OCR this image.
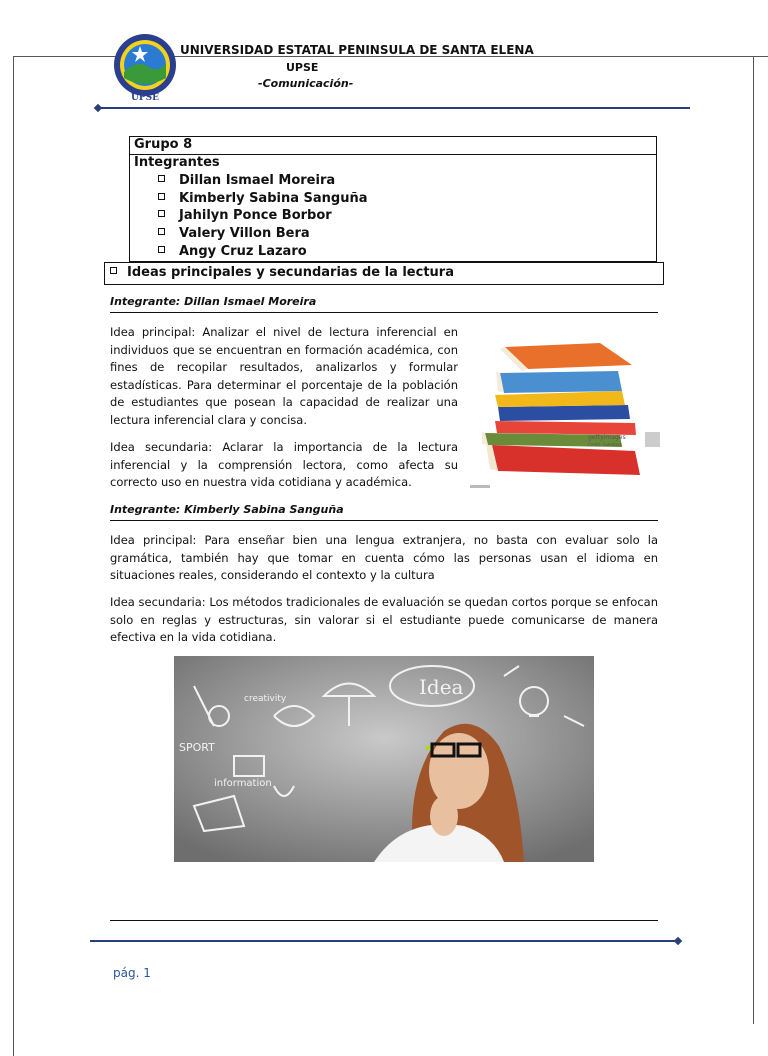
UPSE
UNIVERSIDAD ESTATAL PENINSULA DE SANTA ELENA
UPSE
-Comunicación-
Grupo 8
Integrantes
Dillan Ismael Moreira
Kimberly Sabina Sanguña
Jahilyn Ponce Borbor
Valery Villon Bera
Angy Cruz Lazaro
Ideas principales y secundarias de la lectura
Integrante: Dillan Ismael Moreira
Idea principal: Analizar el nivel de lectura inferencial en individuos que se encuentran en formación académica, con fines de recopilar resultados, analizarlos y formular estadísticas. Para determinar el porcentaje de la población de estudiantes que posean la capacidad de realizar una lectura inferencial clara y concisa.
Idea secundaria: Aclarar la importancia de la lectura inferencial y la comprensión lectora, como afecta su correcto uso en nuestra vida cotidiana y académica.
gettyimages
Credit: Comstock
Integrante: Kimberly Sabina Sanguña
Idea principal: Para enseñar bien una lengua extranjera, no basta con evaluar solo la gramática, también hay que tomar en cuenta cómo las personas usan el idioma en situaciones reales, considerando el contexto y la cultura
Idea secundaria: Los métodos tradicionales de evaluación se quedan cortos porque se enfocan solo en reglas y estructuras, sin valorar si el estudiante puede comunicarse de manera efectiva en la vida cotidiana.
Idea
SPORT
information
creativity
pág. 1
